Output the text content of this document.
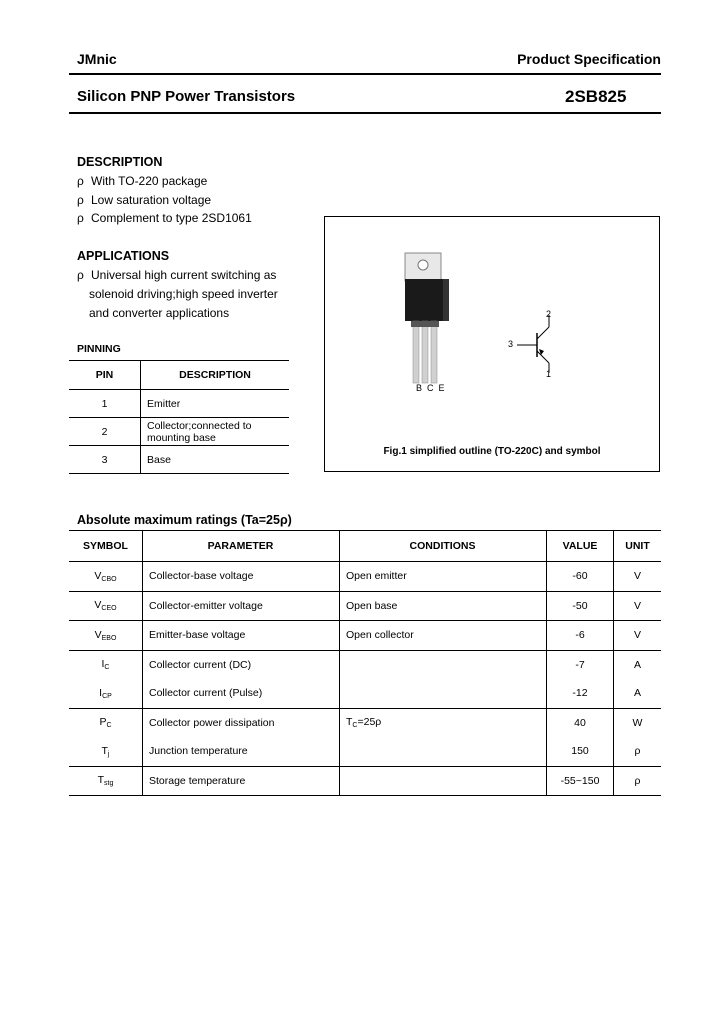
JMnic	Product Specification
Silicon PNP Power Transistors	2SB825
DESCRIPTION
ρ With TO-220 package
ρ Low saturation voltage
ρ Complement to type 2SD1061
APPLICATIONS
ρ Universal high current switching as
solenoid driving;high speed inverter
and converter applications
PINNING
PIN	DESCRIPTION
1	Emitter
2	Collector;connected to mounting base
3	Base
B  C  E
2
3
1
Fig.1 simplified outline (TO-220C) and symbol
Absolute maximum ratings (Ta=25ρ)
SYMBOL	PARAMETER	CONDITIONS	VALUE	UNIT
$V_{CBO}$	Collector-base voltage	Open emitter	-60	V
$V_{CEO}$	Collector-emitter voltage	Open base	-50	V
$V_{EBO}$	Emitter-base voltage	Open collector	-6	V
$I_C$	Collector current (DC)		-7	A
$I_{CP}$	Collector current (Pulse)		-12	A
$P_C$	Collector power dissipation	$T_C=25\rho$	40	W
$T_j$	Junction temperature		150	ρ
$T_{stg}$	Storage temperature		-55~150	ρ
